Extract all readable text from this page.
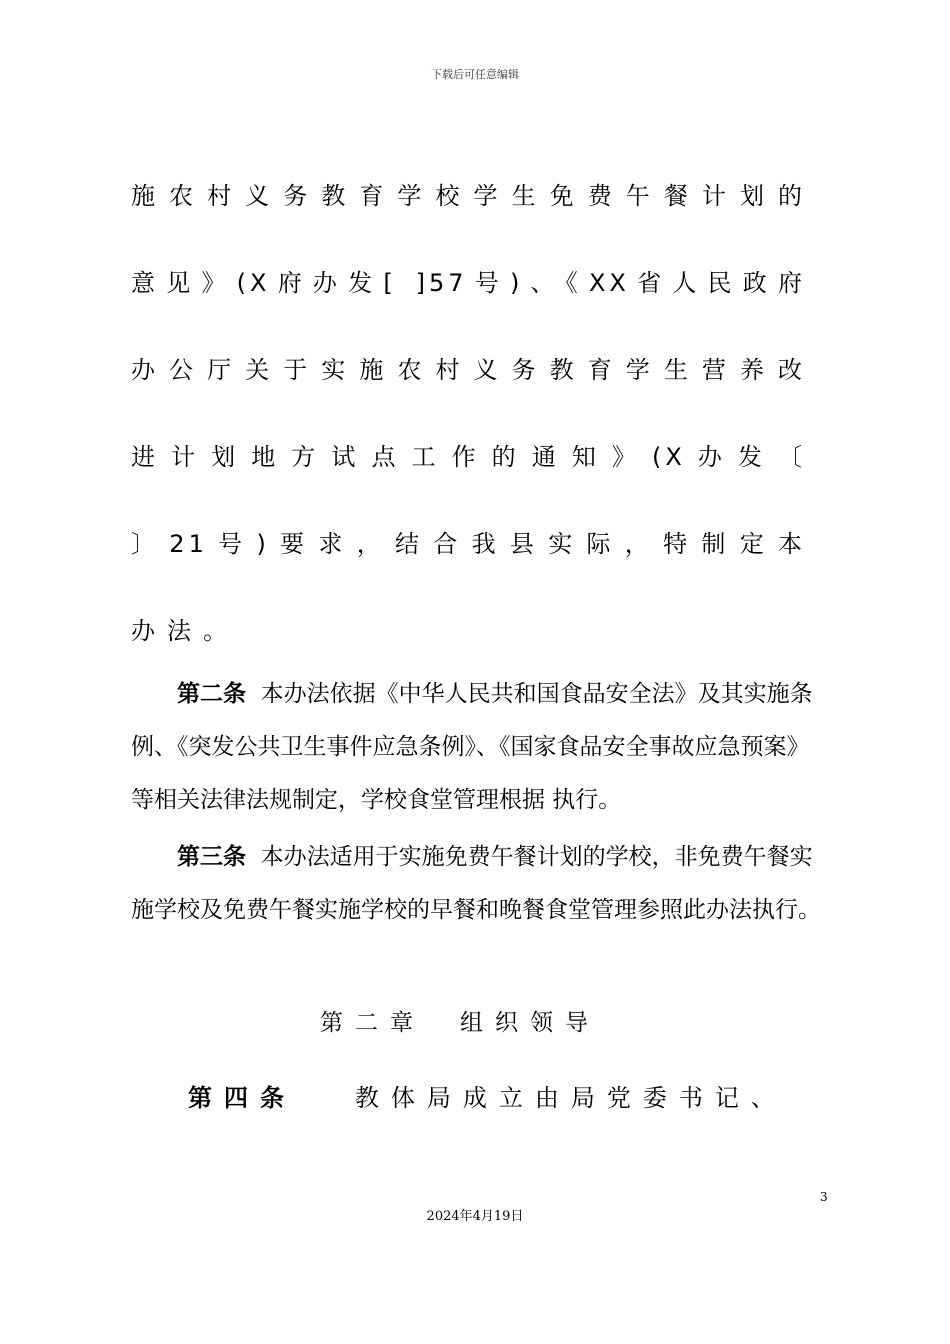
下载后可任意编辑
施农村义务教育学校学生免费午餐计划的
意见》(X府办发[ ]57号)、《XX省人民政府
办公厅关于实施农村义务教育学生营养改
进计划地方试点工作的通知》(X办发〔
〕21号)要求，结合我县实际，特制定本
办法。
第二条 本办法依据《中华人民共和国食品安全法》及其实施条例、《突发公共卫生事件应急条例》、《国家食品安全事故应急预案》等相关法律法规制定，学校食堂管理根据 执行。
第三条 本办法适用于实施免费午餐计划的学校，非免费午餐实施学校及免费午餐实施学校的早餐和晚餐食堂管理参照此办法执行。
第二章　组织领导
第四条 教体局成立由局党委书记、
3
2024年4月19日
